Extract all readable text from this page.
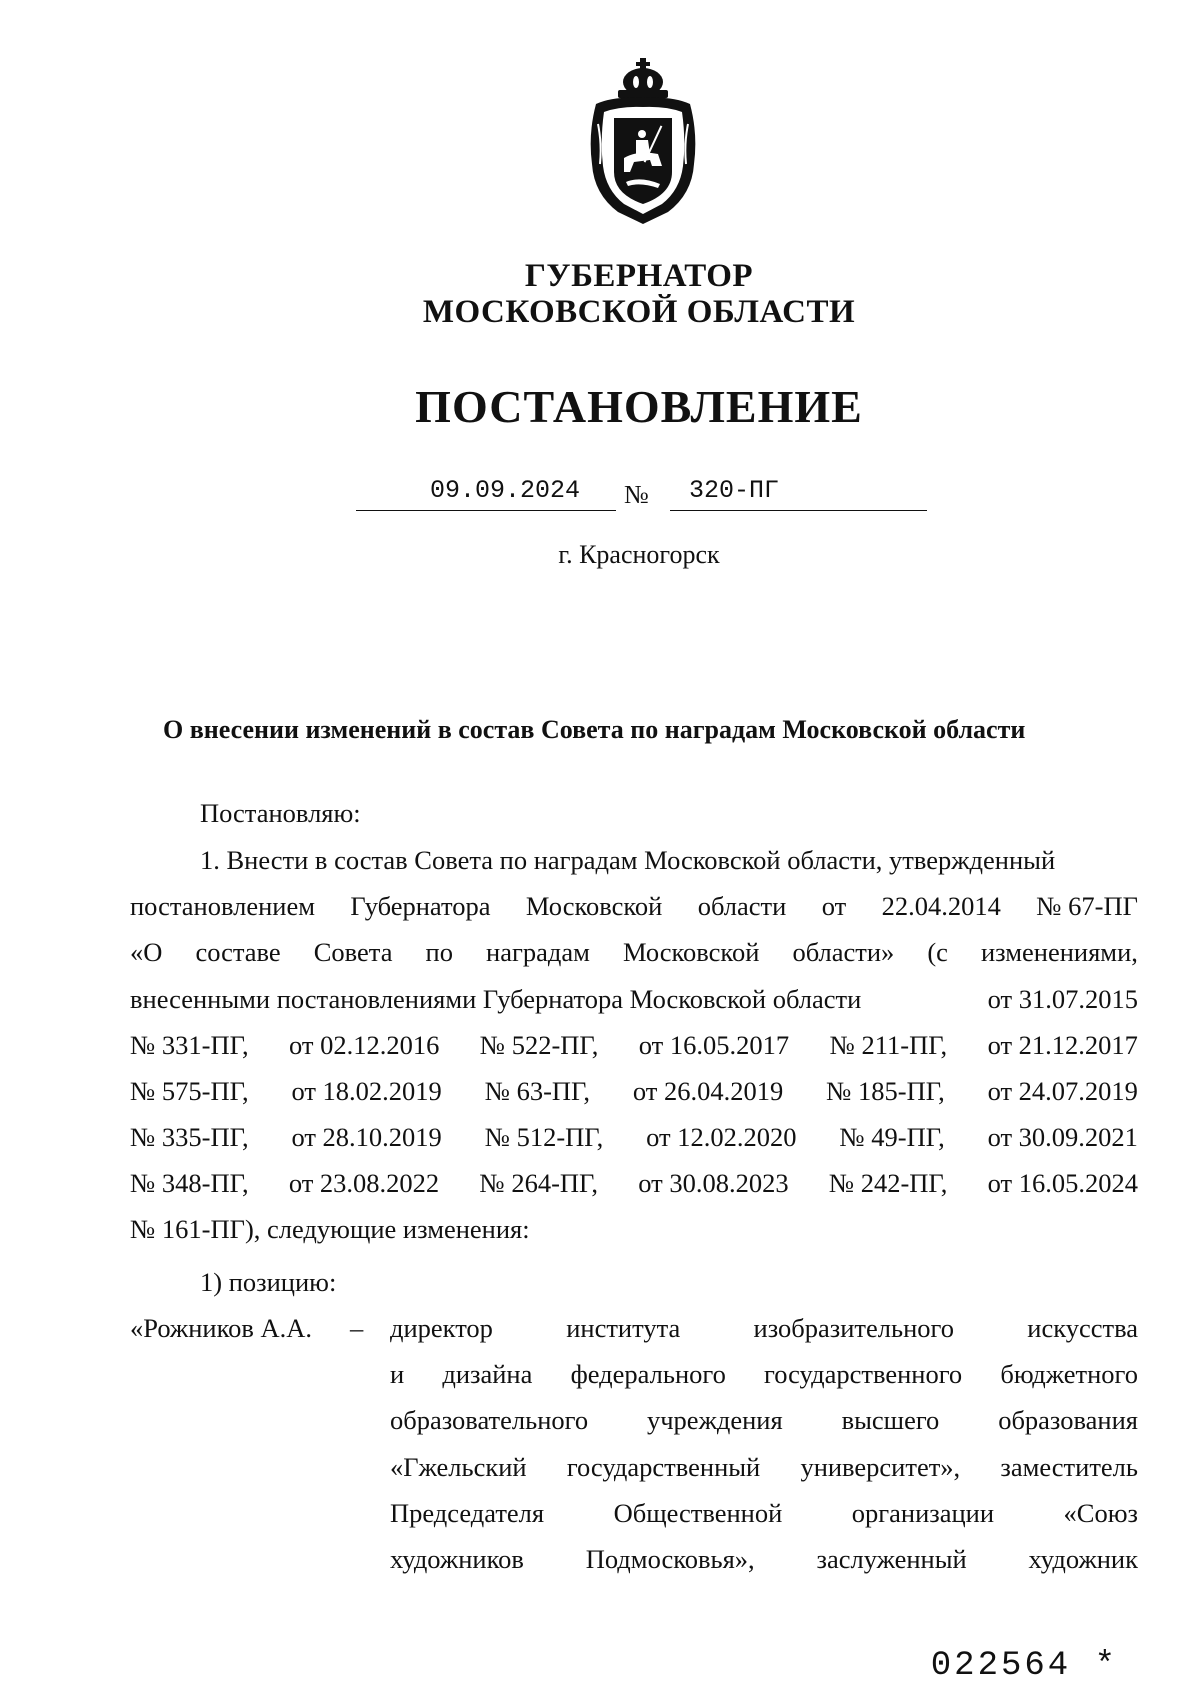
ГУБЕРНАТОР
МОСКОВСКОЙ ОБЛАСТИ
ПОСТАНОВЛЕНИЕ
09.09.2024 № 320-ПГ
г. Красногорск
О внесении изменений в состав Совета по наградам Московской области
Постановляю:
1. Внести в состав Совета по наградам Московской области, утвержденный
постановлением Губернатора Московской области от 22.04.2014 № 67-ПГ
«О составе Совета по наградам Московской области» (с изменениями,
внесенными постановлениями Губернатора Московской области	от 31.07.2015
№ 331-ПГ, от 02.12.2016 № 522-ПГ, от 16.05.2017 № 211-ПГ, от 21.12.2017
№ 575-ПГ, от 18.02.2019 № 63-ПГ, от 26.04.2019 № 185-ПГ, от 24.07.2019
№ 335-ПГ, от 28.10.2019 № 512-ПГ, от 12.02.2020 № 49-ПГ, от 30.09.2021
№ 348-ПГ, от 23.08.2022 № 264-ПГ, от 30.08.2023 № 242-ПГ, от 16.05.2024
№ 161-ПГ), следующие изменения:
1) позицию:
«Рожников А.А. – директор	института	изобразительного	искусства
и дизайна федерального государственного бюджетного
образовательного учреждения высшего образования
«Гжельский государственный университет», заместитель
Председателя	Общественной	организации	«Союз
художников Подмосковья», заслуженный художник
022564 *
